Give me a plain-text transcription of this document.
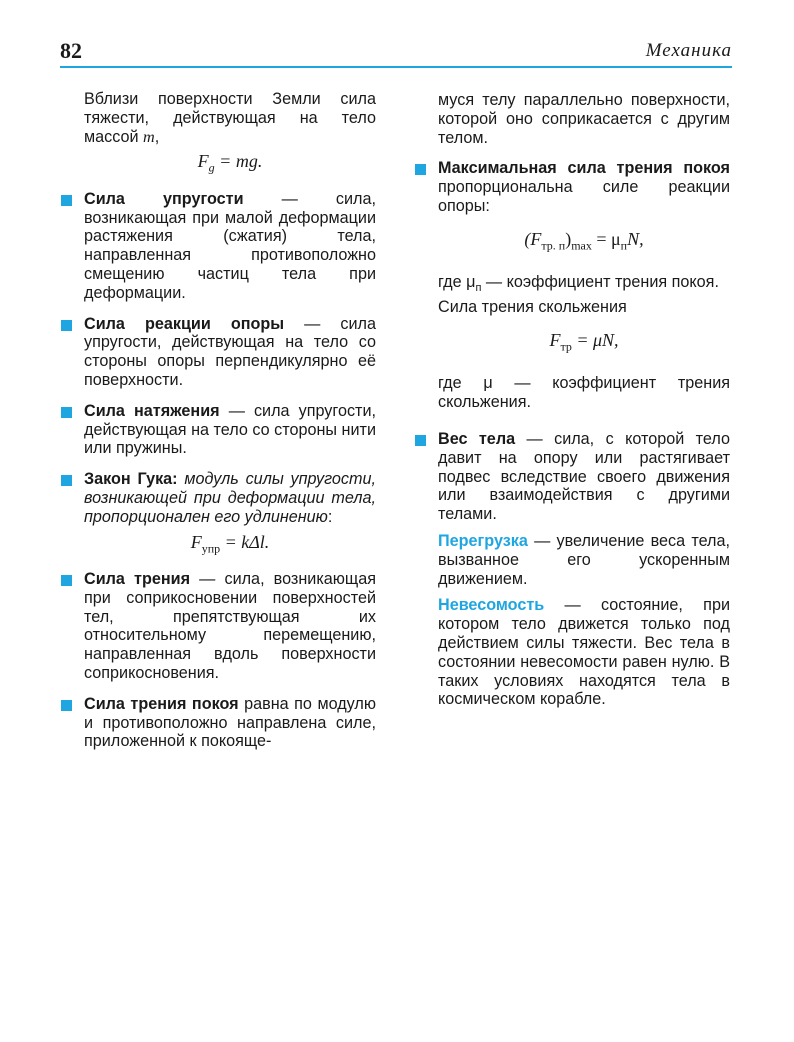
82	Механика

Вблизи поверхности Земли сила тяжести, действующая на тело массой m,

$F_g$ = mg.

Сила упругости — сила, возникающая при малой деформации растяжения (сжатия) тела, направленная противоположно смещению частиц тела при деформации.

Сила реакции опоры — сила упругости, действующая на тело со стороны опоры перпендикулярно её поверхности.

Сила натяжения — сила упругости, действующая на тело со стороны нити или пружины.

Закон Гука: модуль силы упругости, возникающей при деформации тела, пропорционален его удлинению:

$F_{упр} = k\Delta l$.

Сила трения — сила, возникающая при соприкосновении поверхностей тел, препятствующая их относительному перемещению, направленная вдоль поверхности соприкосновения.

Сила трения покоя равна по модулю и противоположно направлена силе, приложенной к покояще-

муся телу параллельно поверхности, которой оно соприкасается с другим телом.

Максимальная сила трения покоя пропорциональна силе реакции опоры:

$(F_{тр. п})_{max} = \mu_пN$,

где $\mu_п$ — коэффициент трения покоя.

Сила трения скольжения

$F_{тр} = \mu N$,

где μ — коэффициент трения скольжения.

Вес тела — сила, с которой тело давит на опору или растягивает подвес вследствие своего движения или взаимодействия с другими телами.

Перегрузка — увеличение веса тела, вызванное его ускоренным движением.

Невесомость — состояние, при котором тело движется только под действием силы тяжести. Вес тела в состоянии невесомости равен нулю. В таких условиях находятся тела в космическом корабле.
